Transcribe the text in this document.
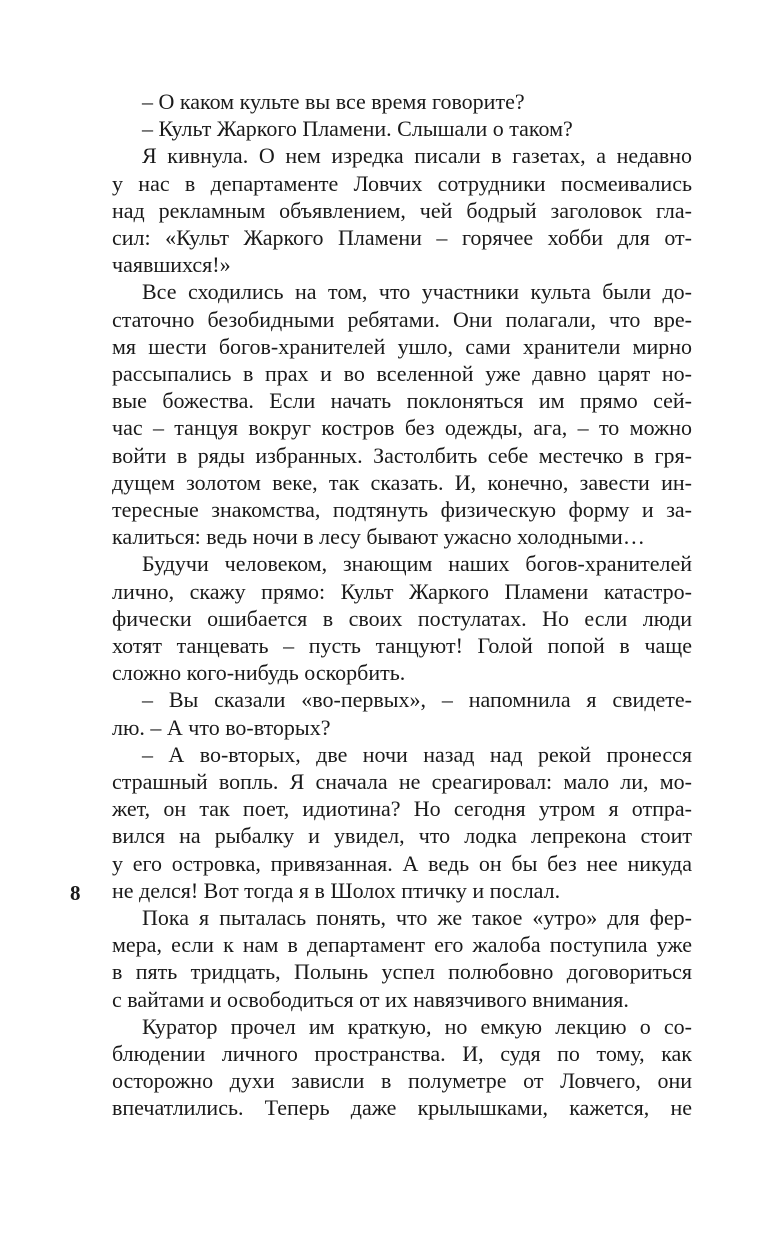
– О каком культе вы все время говорите?
– Культ Жаркого Пламени. Слышали о таком?
Я кивнула. О нем изредка писали в газетах, а недавно
у нас в департаменте Ловчих сотрудники посмеивались
над рекламным объявлением, чей бодрый заголовок гла-
сил: «Культ Жаркого Пламени – горячее хобби для от-
чаявшихся!»
Все сходились на том, что участники культа были до-
статочно безобидными ребятами. Они полагали, что вре-
мя шести богов-хранителей ушло, сами хранители мирно
рассыпались в прах и во вселенной уже давно царят но-
вые божества. Если начать поклоняться им прямо сей-
час – танцуя вокруг костров без одежды, ага, – то можно
войти в ряды избранных. Застолбить себе местечко в гря-
дущем золотом веке, так сказать. И, конечно, завести ин-
тересные знакомства, подтянуть физическую форму и за-
калиться: ведь ночи в лесу бывают ужасно холодными…
Будучи человеком, знающим наших богов-хранителей
лично, скажу прямо: Культ Жаркого Пламени катастро-
фически ошибается в своих постулатах. Но если люди
хотят танцевать – пусть танцуют! Голой попой в чаще
сложно кого-нибудь оскорбить.
– Вы сказали «во-первых», – напомнила я свидете-
лю. – А что во-вторых?
– А во-вторых, две ночи назад над рекой пронесся
страшный вопль. Я сначала не среагировал: мало ли, мо-
жет, он так поет, идиотина? Но сегодня утром я отпра-
вился на рыбалку и увидел, что лодка лепрекона стоит
у его островка, привязанная. А ведь он бы без нее никуда
не делся! Вот тогда я в Шолох птичку и послал.
Пока я пыталась понять, что же такое «утро» для фер-
мера, если к нам в департамент его жалоба поступила уже
в пять тридцать, Полынь успел полюбовно договориться
с вайтами и освободиться от их навязчивого внимания.
Куратор прочел им краткую, но емкую лекцию о со-
блюдении личного пространства. И, судя по тому, как
осторожно духи зависли в полуметре от Ловчего, они
впечатлились. Теперь даже крылышками, кажется, не
8
